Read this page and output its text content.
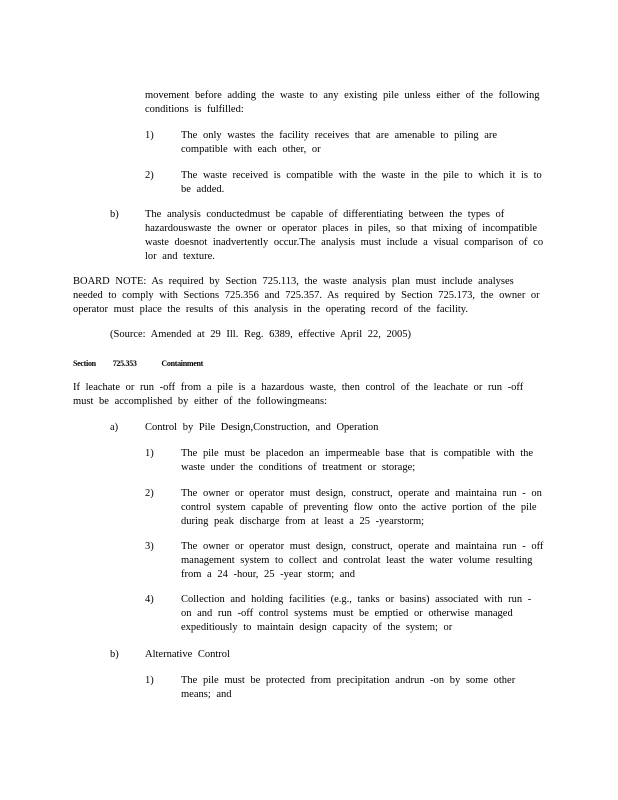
movement before adding the waste to any existing pile unless either of the following conditions is fulfilled:

1)	The only wastes the facility receives that are amenable to piling are compatible with each other, or

2)	The waste received is compatible with the waste in the pile to which it is to be added.

b)	The analysis conductedmust be capable of differentiating between the types of hazardouswaste the owner or operator places in piles, so that mixing of incompatible waste doesnot inadvertently occur.The analysis must include a visual comparison of co lor and texture.

BOARD NOTE: As required by Section 725.113, the waste analysis plan must include analyses needed to comply with Sections 725.356 and 725.357. As required by Section 725.173, the owner or operator must place the results of this analysis in the operating record of the facility.

(Source: Amended at 29 Ill. Reg. 6389, effective April 22, 2005)

Section 725.353	Containment

If leachate or run -off from a pile is a hazardous waste, then control of the leachate or run -off must be accomplished by either of the followingmeans:

a)	Control by Pile Design,Construction, and Operation

1)	The pile must be placedon an impermeable base that is compatible with the waste under the conditions of treatment or storage;

2)	The owner or operator must design, construct, operate and maintaina run - on control system capable of preventing flow onto the active portion of the pile during peak discharge from at least a 25 -yearstorm;

3)	The owner or operator must design, construct, operate and maintaina run - off management system to collect and controlat least the water volume resulting from a 24 -hour, 25 -year storm; and

4)	Collection and holding facilities (e.g., tanks or basins) associated with run - on and run -off control systems must be emptied or otherwise managed expeditiously to maintain design capacity of the system; or

b)	Alternative Control

1)	The pile must be protected from precipitation andrun -on by some other means; and
